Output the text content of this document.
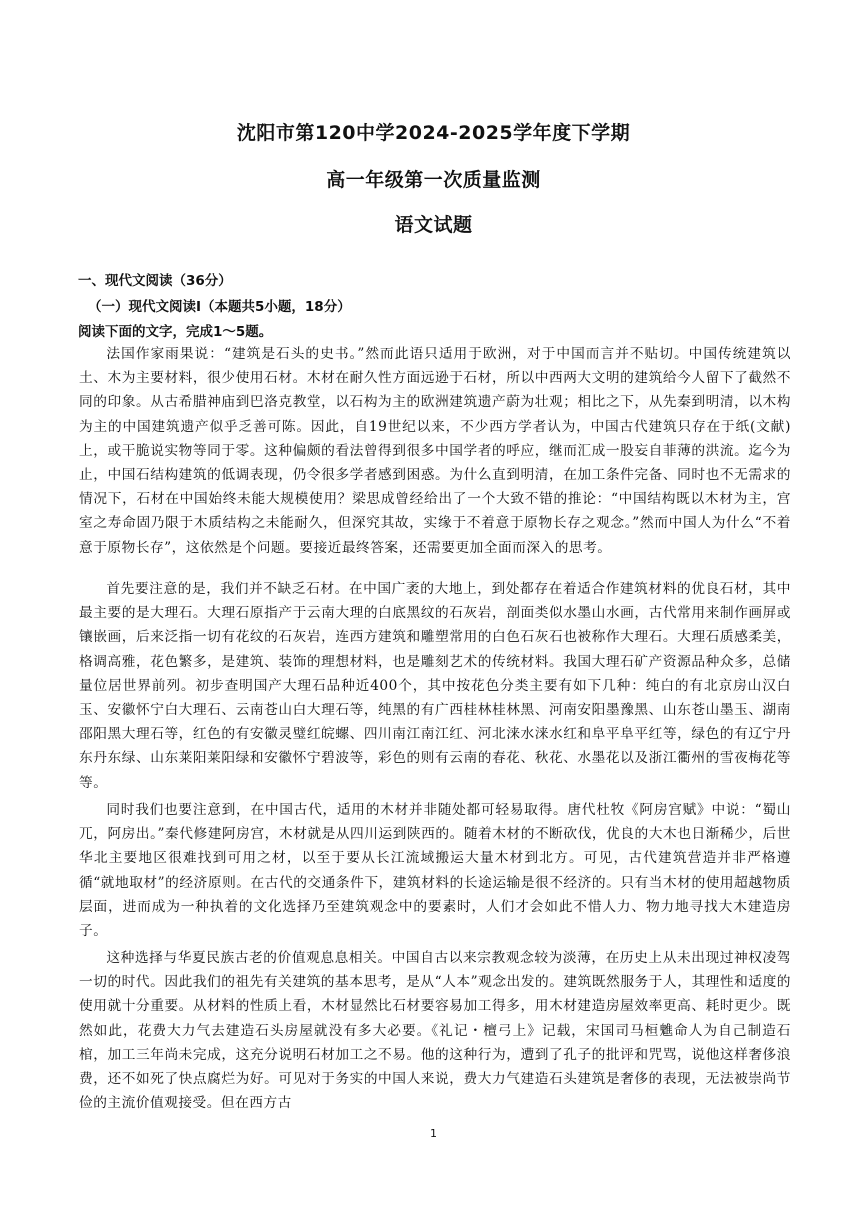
沈阳市第120中学2024-2025学年度下学期
高一年级第一次质量监测
语文试题
一、现代文阅读（36分）
（一）现代文阅读Ⅰ（本题共5小题，18分）
阅读下面的文字，完成1～5题。

法国作家雨果说：“建筑是石头的史书。”然而此语只适用于欧洲，对于中国而言并不贴切。中国传统建筑以土、木为主要材料，很少使用石材。木材在耐久性方面远逊于石材，所以中西两大文明的建筑给今人留下了截然不同的印象。从古希腊神庙到巴洛克教堂，以石构为主的欧洲建筑遗产蔚为壮观；相比之下，从先秦到明清，以木构为主的中国建筑遗产似乎乏善可陈。因此，自19世纪以来，不少西方学者认为，中国古代建筑只存在于纸(文献)上，或干脆说实物等同于零。这种偏颇的看法曾得到很多中国学者的呼应，继而汇成一股妄自菲薄的洪流。迄今为止，中国石结构建筑的低调表现，仍令很多学者感到困惑。为什么直到明清，在加工条件完备、同时也不无需求的情况下，石材在中国始终未能大规模使用？梁思成曾经给出了一个大致不错的推论：“中国结构既以木材为主，宫室之寿命固乃限于木质结构之未能耐久，但深究其故，实缘于不着意于原物长存之观念。”然而中国人为什么“不着意于原物长存”，这依然是个问题。要接近最终答案，还需要更加全面而深入的思考。

首先要注意的是，我们并不缺乏石材。在中国广袤的大地上，到处都存在着适合作建筑材料的优良石材，其中最主要的是大理石。大理石原指产于云南大理的白底黑纹的石灰岩，剖面类似水墨山水画，古代常用来制作画屏或镶嵌画，后来泛指一切有花纹的石灰岩，连西方建筑和雕塑常用的白色石灰石也被称作大理石。大理石质感柔美，格调高雅，花色繁多，是建筑、装饰的理想材料，也是雕刻艺术的传统材料。我国大理石矿产资源品种众多，总储量位居世界前列。初步查明国产大理石品种近400个，其中按花色分类主要有如下几种：纯白的有北京房山汉白玉、安徽怀宁白大理石、云南苍山白大理石等，纯黑的有广西桂林桂林黑、河南安阳墨豫黑、山东苍山墨玉、湖南邵阳黑大理石等，红色的有安徽灵璧红皖螺、四川南江南江红、河北涞水涞水红和阜平阜平红等，绿色的有辽宁丹东丹东绿、山东莱阳莱阳绿和安徽怀宁碧波等，彩色的则有云南的春花、秋花、水墨花以及浙江衢州的雪夜梅花等等。

同时我们也要注意到，在中国古代，适用的木材并非随处都可轻易取得。唐代杜牧《阿房宫赋》中说：“蜀山兀，阿房出。”秦代修建阿房宫，木材就是从四川运到陕西的。随着木材的不断砍伐，优良的大木也日渐稀少，后世华北主要地区很难找到可用之材，以至于要从长江流域搬运大量木材到北方。可见，古代建筑营造并非严格遵循“就地取材”的经济原则。在古代的交通条件下，建筑材料的长途运输是很不经济的。只有当木材的使用超越物质层面，进而成为一种执着的文化选择乃至建筑观念中的要素时，人们才会如此不惜人力、物力地寻找大木建造房子。

这种选择与华夏民族古老的价值观息息相关。中国自古以来宗教观念较为淡薄，在历史上从未出现过神权凌驾一切的时代。因此我们的祖先有关建筑的基本思考，是从“人本”观念出发的。建筑既然服务于人，其理性和适度的使用就十分重要。从材料的性质上看，木材显然比石材要容易加工得多，用木材建造房屋效率更高、耗时更少。既然如此，花费大力气去建造石头房屋就没有多大必要。《礼记・檀弓上》记载，宋国司马桓魋命人为自己制造石棺，加工三年尚未完成，这充分说明石材加工之不易。他的这种行为，遭到了孔子的批评和咒骂，说他这样奢侈浪费，还不如死了快点腐烂为好。可见对于务实的中国人来说，费大力气建造石头建筑是奢侈的表现，无法被崇尚节俭的主流价值观接受。但在西方古

1
